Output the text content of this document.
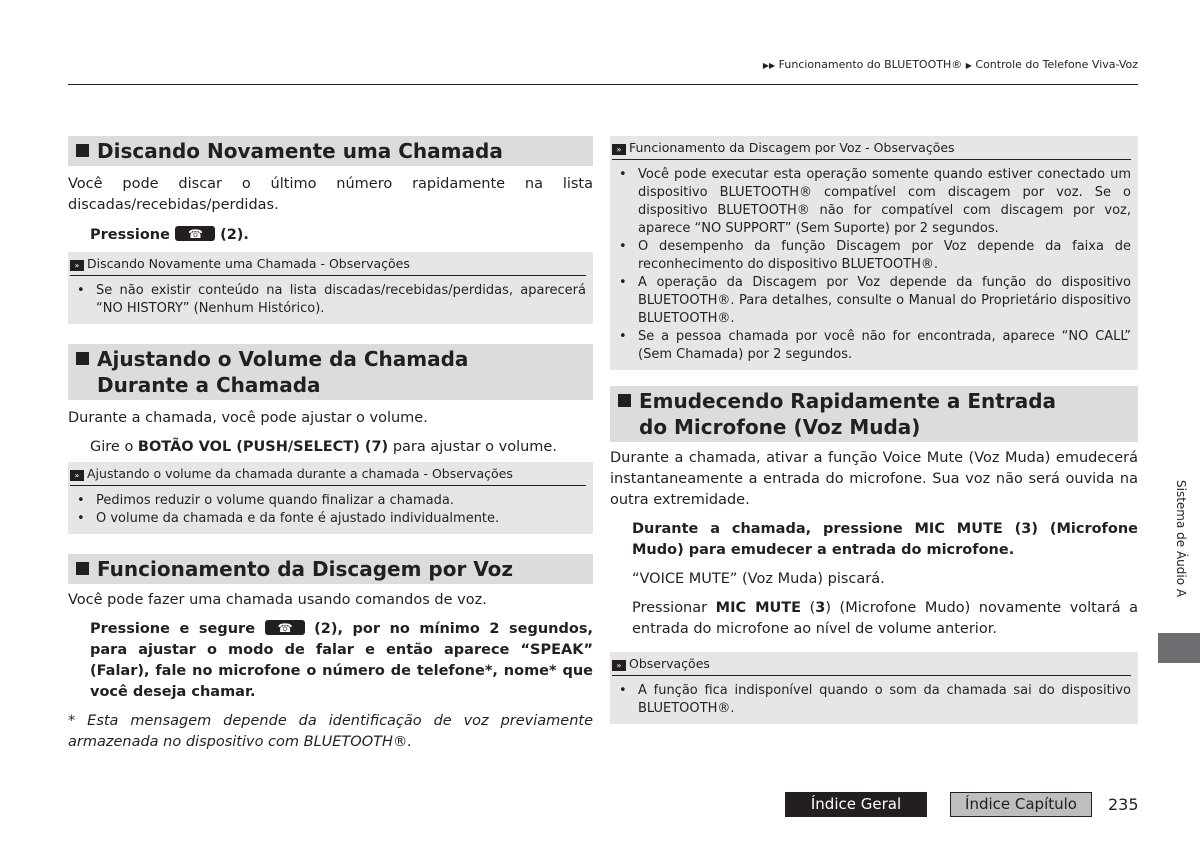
▶▶ Funcionamento do BLUETOOTH® ▶ Controle do Telefone Viva-Voz
Discando Novamente uma Chamada

Você pode discar o último número rapidamente na lista discadas/recebidas/perdidas.

Pressione ☎	(2).

» Discando Novamente uma Chamada - Observações
• Se não existir conteúdo na lista discadas/recebidas/perdidas, aparecerá “NO HISTORY” (Nenhum Histórico).
Ajustando o Volume da Chamada
Durante a Chamada

Durante a chamada, você pode ajustar o volume.

Gire o BOTÃO VOL (PUSH/SELECT) (7) para ajustar o volume.

» Ajustando o volume da chamada durante a chamada - Observações
• Pedimos reduzir o volume quando finalizar a chamada.
• O volume da chamada e da fonte é ajustado individualmente.
Funcionamento da Discagem por Voz

Você pode fazer uma chamada usando comandos de voz.

Pressione e segure ☎	(2), por no mínimo 2 segundos, para ajustar o modo de falar e então aparece “SPEAK” (Falar), fale no microfone o número de telefone*, nome* que você deseja chamar.

* Esta mensagem depende da identificação de voz previamente armazenada no dispositivo com BLUETOOTH®.

» Funcionamento da Discagem por Voz - Observações
• Você pode executar esta operação somente quando estiver conectado um dispositivo BLUETOOTH® compatível com discagem por voz. Se o dispositivo BLUETOOTH® não for compatível com discagem por voz, aparece “NO SUPPORT” (Sem Suporte) por 2 segundos.
• O desempenho da função Discagem por Voz depende da faixa de reconhecimento do dispositivo BLUETOOTH®.
• A operação da Discagem por Voz depende da função do dispositivo BLUETOOTH®. Para detalhes, consulte o Manual do Proprietário dispositivo BLUETOOTH®.
• Se a pessoa chamada por você não for encontrada, aparece “NO CALL” (Sem Chamada) por 2 segundos.
Emudecendo Rapidamente a Entrada
do Microfone (Voz Muda)

Durante a chamada, ativar a função Voice Mute (Voz Muda) emudecerá instantaneamente a entrada do microfone. Sua voz não será ouvida na outra extremidade.

Durante a chamada, pressione MIC MUTE (3) (Microfone Mudo) para emudecer a entrada do microfone.

“VOICE MUTE” (Voz Muda) piscará.

Pressionar MIC MUTE (3) (Microfone Mudo) novamente voltará a entrada do microfone ao nível de volume anterior.

» Observações
• A função fica indisponível quando o som da chamada sai do dispositivo BLUETOOTH®.
Sistema de Áudio A
Índice Geral	Índice Capítulo	235
